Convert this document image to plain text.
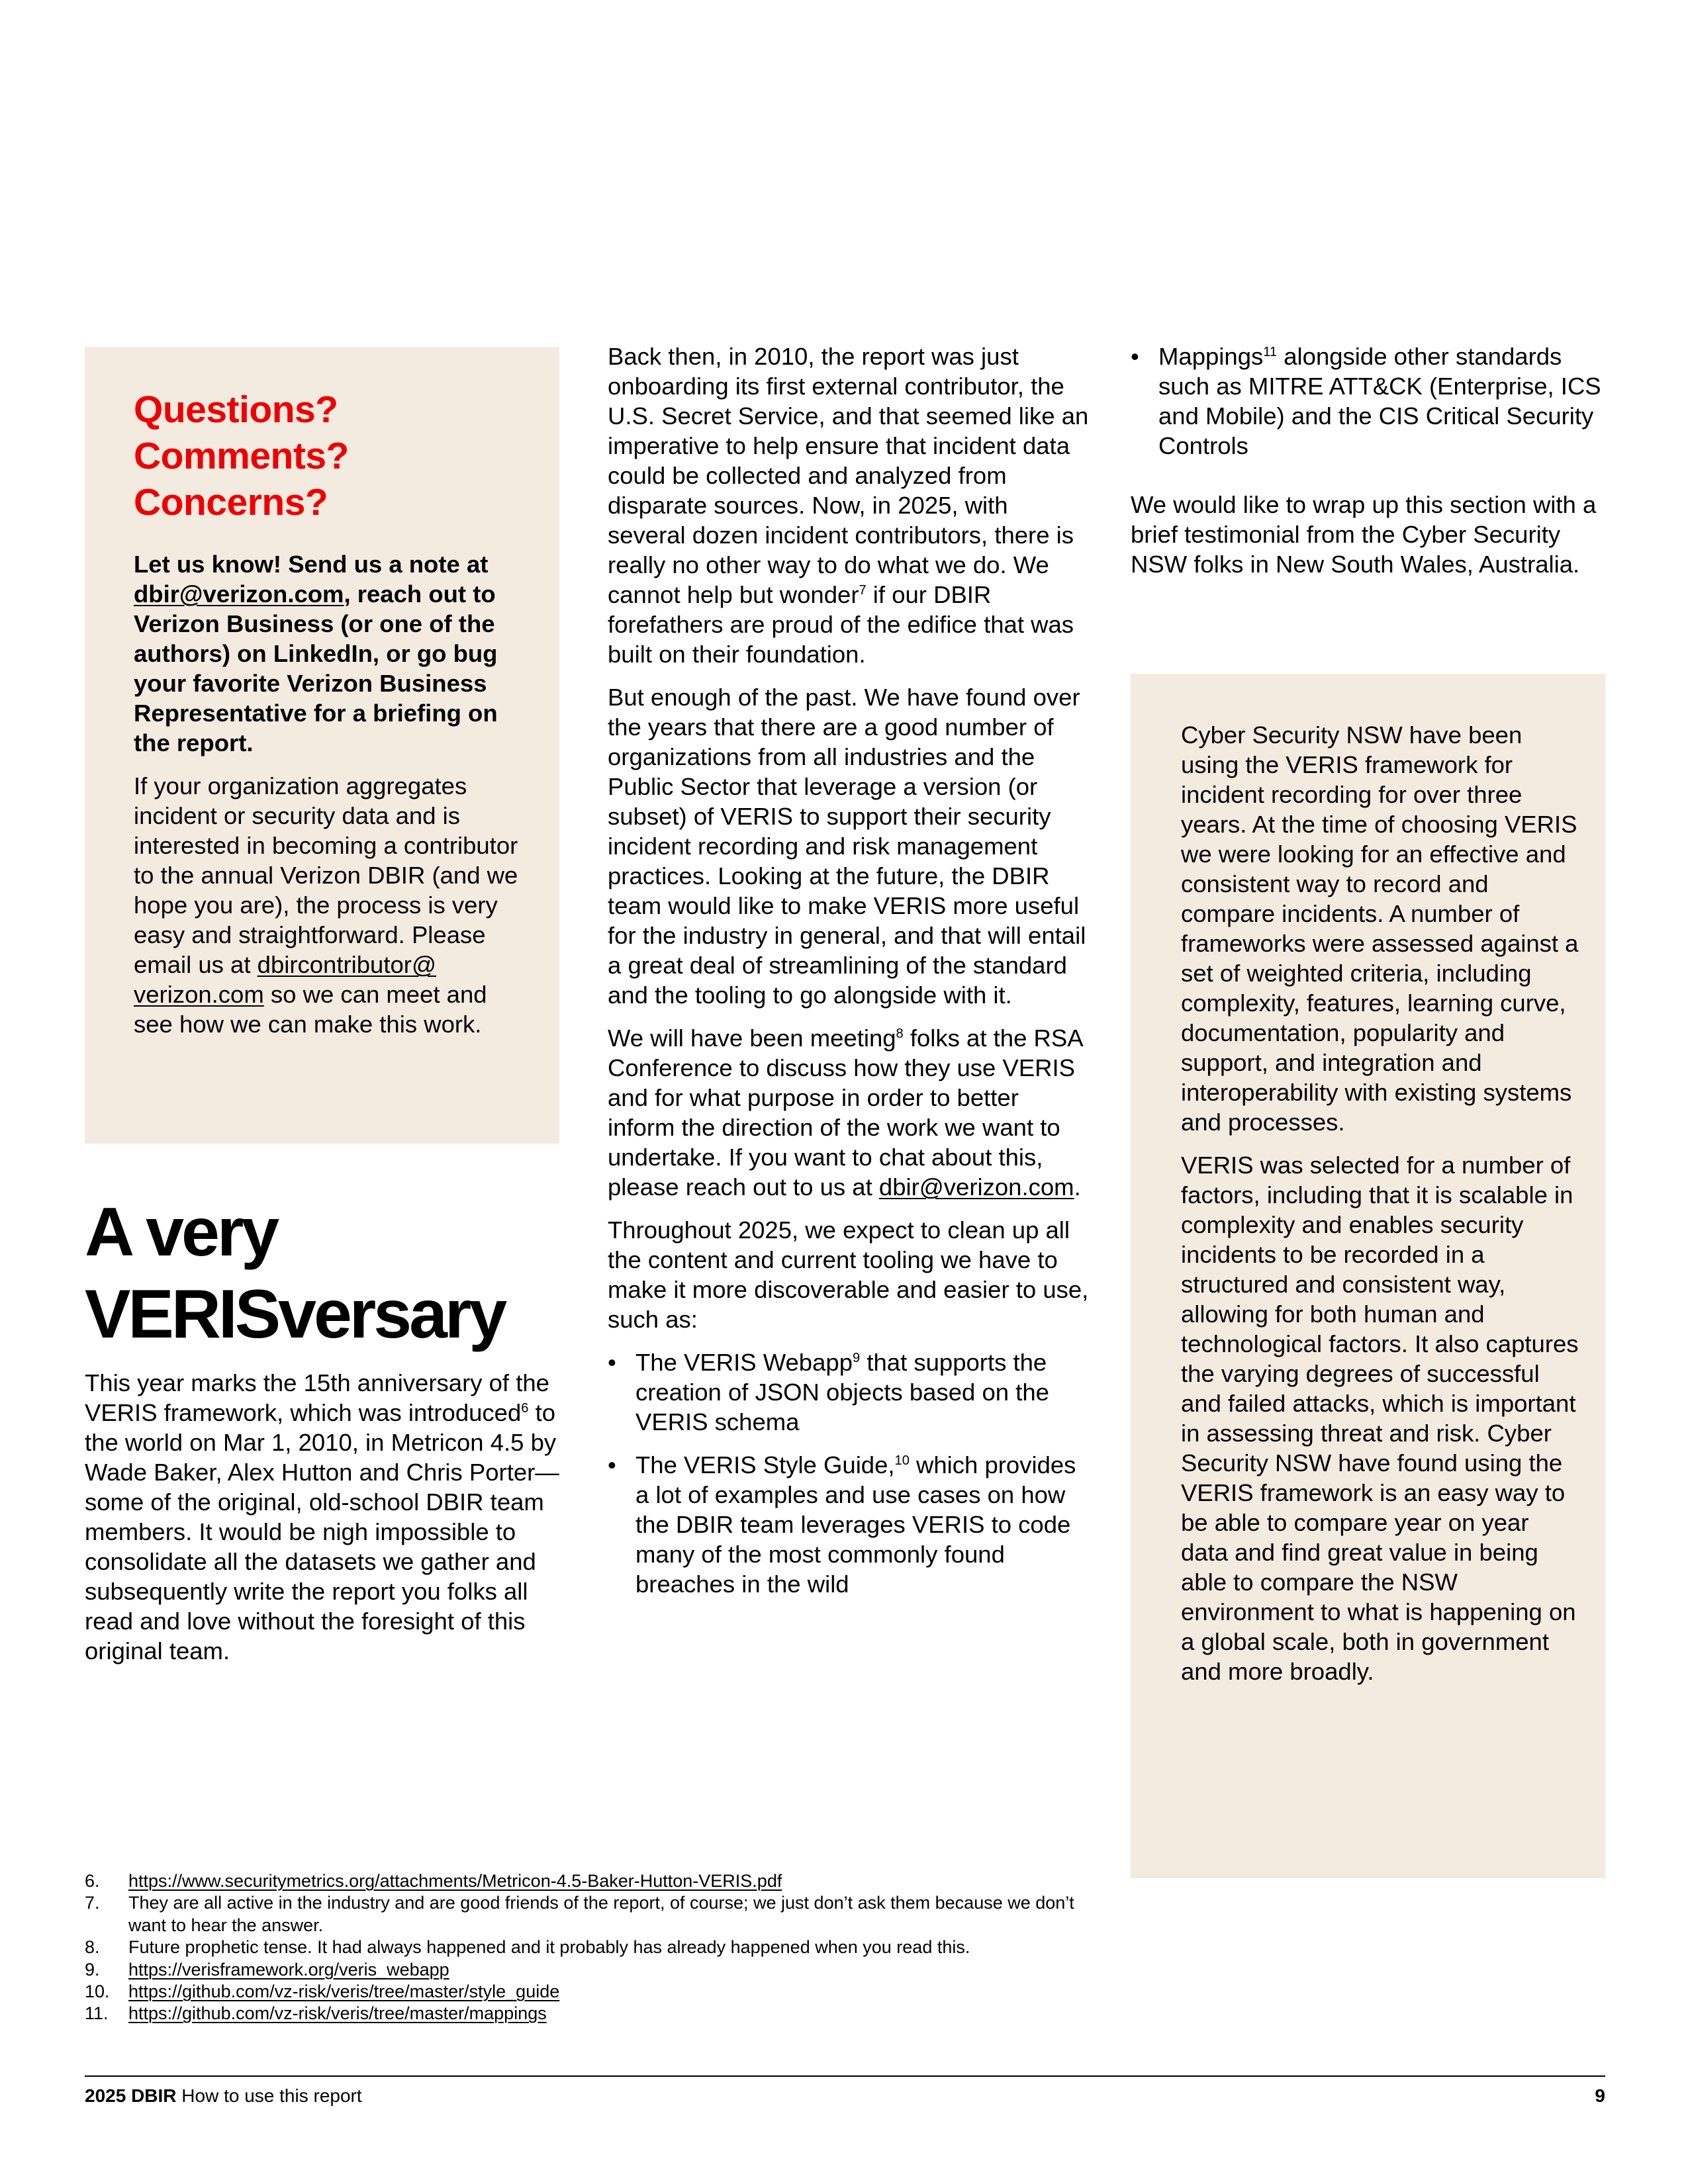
Questions?
Comments?
Concerns?

Let us know! Send us a note at dbir@verizon.com, reach out to Verizon Business (or one of the authors) on LinkedIn, or go bug your favorite Verizon Business Representative for a briefing on the report.

If your organization aggregates incident or security data and is interested in becoming a contributor to the annual Verizon DBIR (and we hope you are), the process is very easy and straightforward. Please email us at dbircontributor@ verizon.com so we can meet and see how we can make this work.

A very
VERISversary

This year marks the 15th anniversary of the VERIS framework, which was introduced$^6$ to the world on Mar 1, 2010, in Metricon 4.5 by Wade Baker, Alex Hutton and Chris Porter—some of the original, old-school DBIR team members. It would be nigh impossible to consolidate all the datasets we gather and subsequently write the report you folks all read and love without the foresight of this original team.

Back then, in 2010, the report was just onboarding its first external contributor, the U.S. Secret Service, and that seemed like an imperative to help ensure that incident data could be collected and analyzed from disparate sources. Now, in 2025, with several dozen incident contributors, there is really no other way to do what we do. We cannot help but wonder$^7$ if our DBIR forefathers are proud of the edifice that was built on their foundation.

But enough of the past. We have found over the years that there are a good number of organizations from all industries and the Public Sector that leverage a version (or subset) of VERIS to support their security incident recording and risk management practices. Looking at the future, the DBIR team would like to make VERIS more useful for the industry in general, and that will entail a great deal of streamlining of the standard and the tooling to go alongside with it.

We will have been meeting$^8$ folks at the RSA Conference to discuss how they use VERIS and for what purpose in order to better inform the direction of the work we want to undertake. If you want to chat about this, please reach out to us at dbir@verizon.com.

Throughout 2025, we expect to clean up all the content and current tooling we have to make it more discoverable and easier to use, such as:

• The VERIS Webapp$^9$ that supports the creation of JSON objects based on the VERIS schema
• The VERIS Style Guide,$^{10}$ which provides a lot of examples and use cases on how the DBIR team leverages VERIS to code many of the most commonly found breaches in the wild
• Mappings$^{11}$ alongside other standards such as MITRE ATT&CK (Enterprise, ICS and Mobile) and the CIS Critical Security Controls

We would like to wrap up this section with a brief testimonial from the Cyber Security NSW folks in New South Wales, Australia.

Cyber Security NSW have been using the VERIS framework for incident recording for over three years. At the time of choosing VERIS we were looking for an effective and consistent way to record and compare incidents. A number of frameworks were assessed against a set of weighted criteria, including complexity, features, learning curve, documentation, popularity and support, and integration and interoperability with existing systems and processes.

VERIS was selected for a number of factors, including that it is scalable in complexity and enables security incidents to be recorded in a structured and consistent way, allowing for both human and technological factors. It also captures the varying degrees of successful and failed attacks, which is important in assessing threat and risk. Cyber Security NSW have found using the VERIS framework is an easy way to be able to compare year on year data and find great value in being able to compare the NSW environment to what is happening on a global scale, both in government and more broadly.

6.	https://www.securitymetrics.org/attachments/Metricon-4.5-Baker-Hutton-VERIS.pdf
7.	They are all active in the industry and are good friends of the report, of course; we just don’t ask them because we don’t want to hear the answer.
8.	Future prophetic tense. It had always happened and it probably has already happened when you read this.
9.	https://verisframework.org/veris_webapp
10.	https://github.com/vz-risk/veris/tree/master/style_guide
11.	https://github.com/vz-risk/veris/tree/master/mappings
2025 DBIR How to use this report	9
